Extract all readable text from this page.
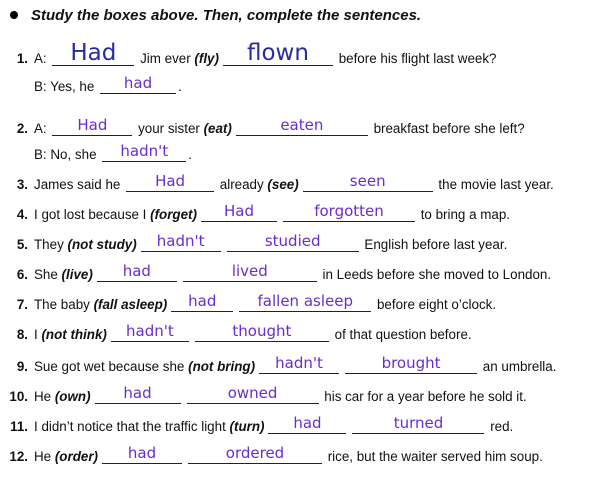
Study the boxes above. Then, complete the sentences.
1. A: Had	Jim ever (fly)	flown	before his flight last week?
B: Yes, he	had	.
2. A:	Had	your sister (eat)	eaten	breakfast before she left?
B: No, she	hadn't	.
3. James said he	Had	already (see)	seen	the movie last year.
4. I got lost because I (forget)	Had	forgotten	to bring a map.
5. They (not study)	hadn't	studied	English before last year.
6. She (live)	had	lived	in Leeds before she moved to London.
7. The baby (fall asleep)	had	fallen asleep	before eight o’clock.
8. I (not think)	hadn't	thought	of that question before.
9. Sue got wet because she (not bring)	hadn't	brought	an umbrella.
10. He (own)	had	owned	his car for a year before he sold it.
11. I didn’t notice that the traffic light (turn)	had	turned	red.
12. He (order)	had	ordered	rice, but the waiter served him soup.
